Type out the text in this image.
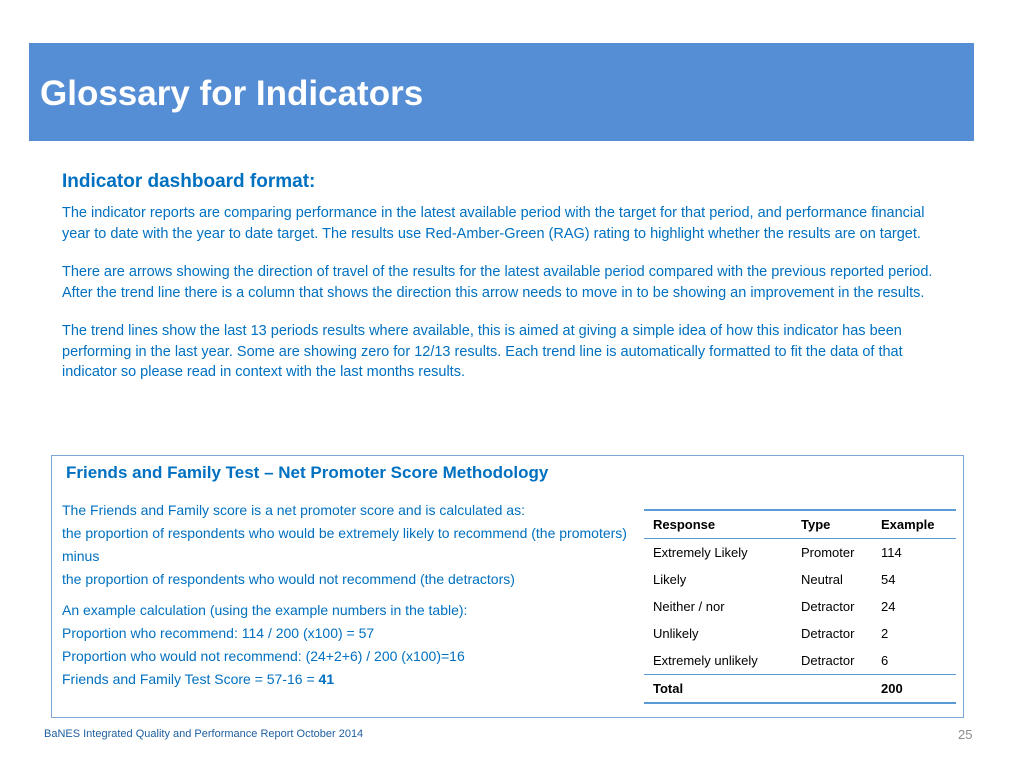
Glossary for Indicators
Indicator dashboard format:

The indicator reports are comparing performance in the latest available period with the target for that period, and performance financial year to date with the year to date target. The results use Red-Amber-Green (RAG) rating to highlight whether the results are on target.

There are arrows showing the direction of travel of the results for the latest available period compared with the previous reported period. After the trend line there is a column that shows the direction this arrow needs to move in to be showing an improvement in the results.

The trend lines show the last 13 periods results where available, this is aimed at giving a simple idea of how this indicator has been performing in the last year. Some are showing zero for 12/13 results. Each trend line is automatically formatted to fit the data of that indicator so please read in context with the last months results.

Friends and Family Test – Net Promoter Score Methodology

The Friends and Family score is a net promoter score and is calculated as:

the proportion of respondents who would be extremely likely to recommend (the promoters)

minus

the proportion of respondents who would not recommend (the detractors)

An example calculation (using the example numbers in the table):

Proportion who recommend: 114 / 200 (x100) = 57

Proportion who would not recommend: (24+2+6) / 200 (x100)=16

Friends and Family Test Score = 57-16 = 41

Response	Type	Example
Extremely Likely	Promoter	114
Likely	Neutral	54
Neither / nor	Detractor	24
Unlikely	Detractor	2
Extremely unlikely	Detractor	6
Total		200
BaNES Integrated Quality and Performance Report October 2014	25
